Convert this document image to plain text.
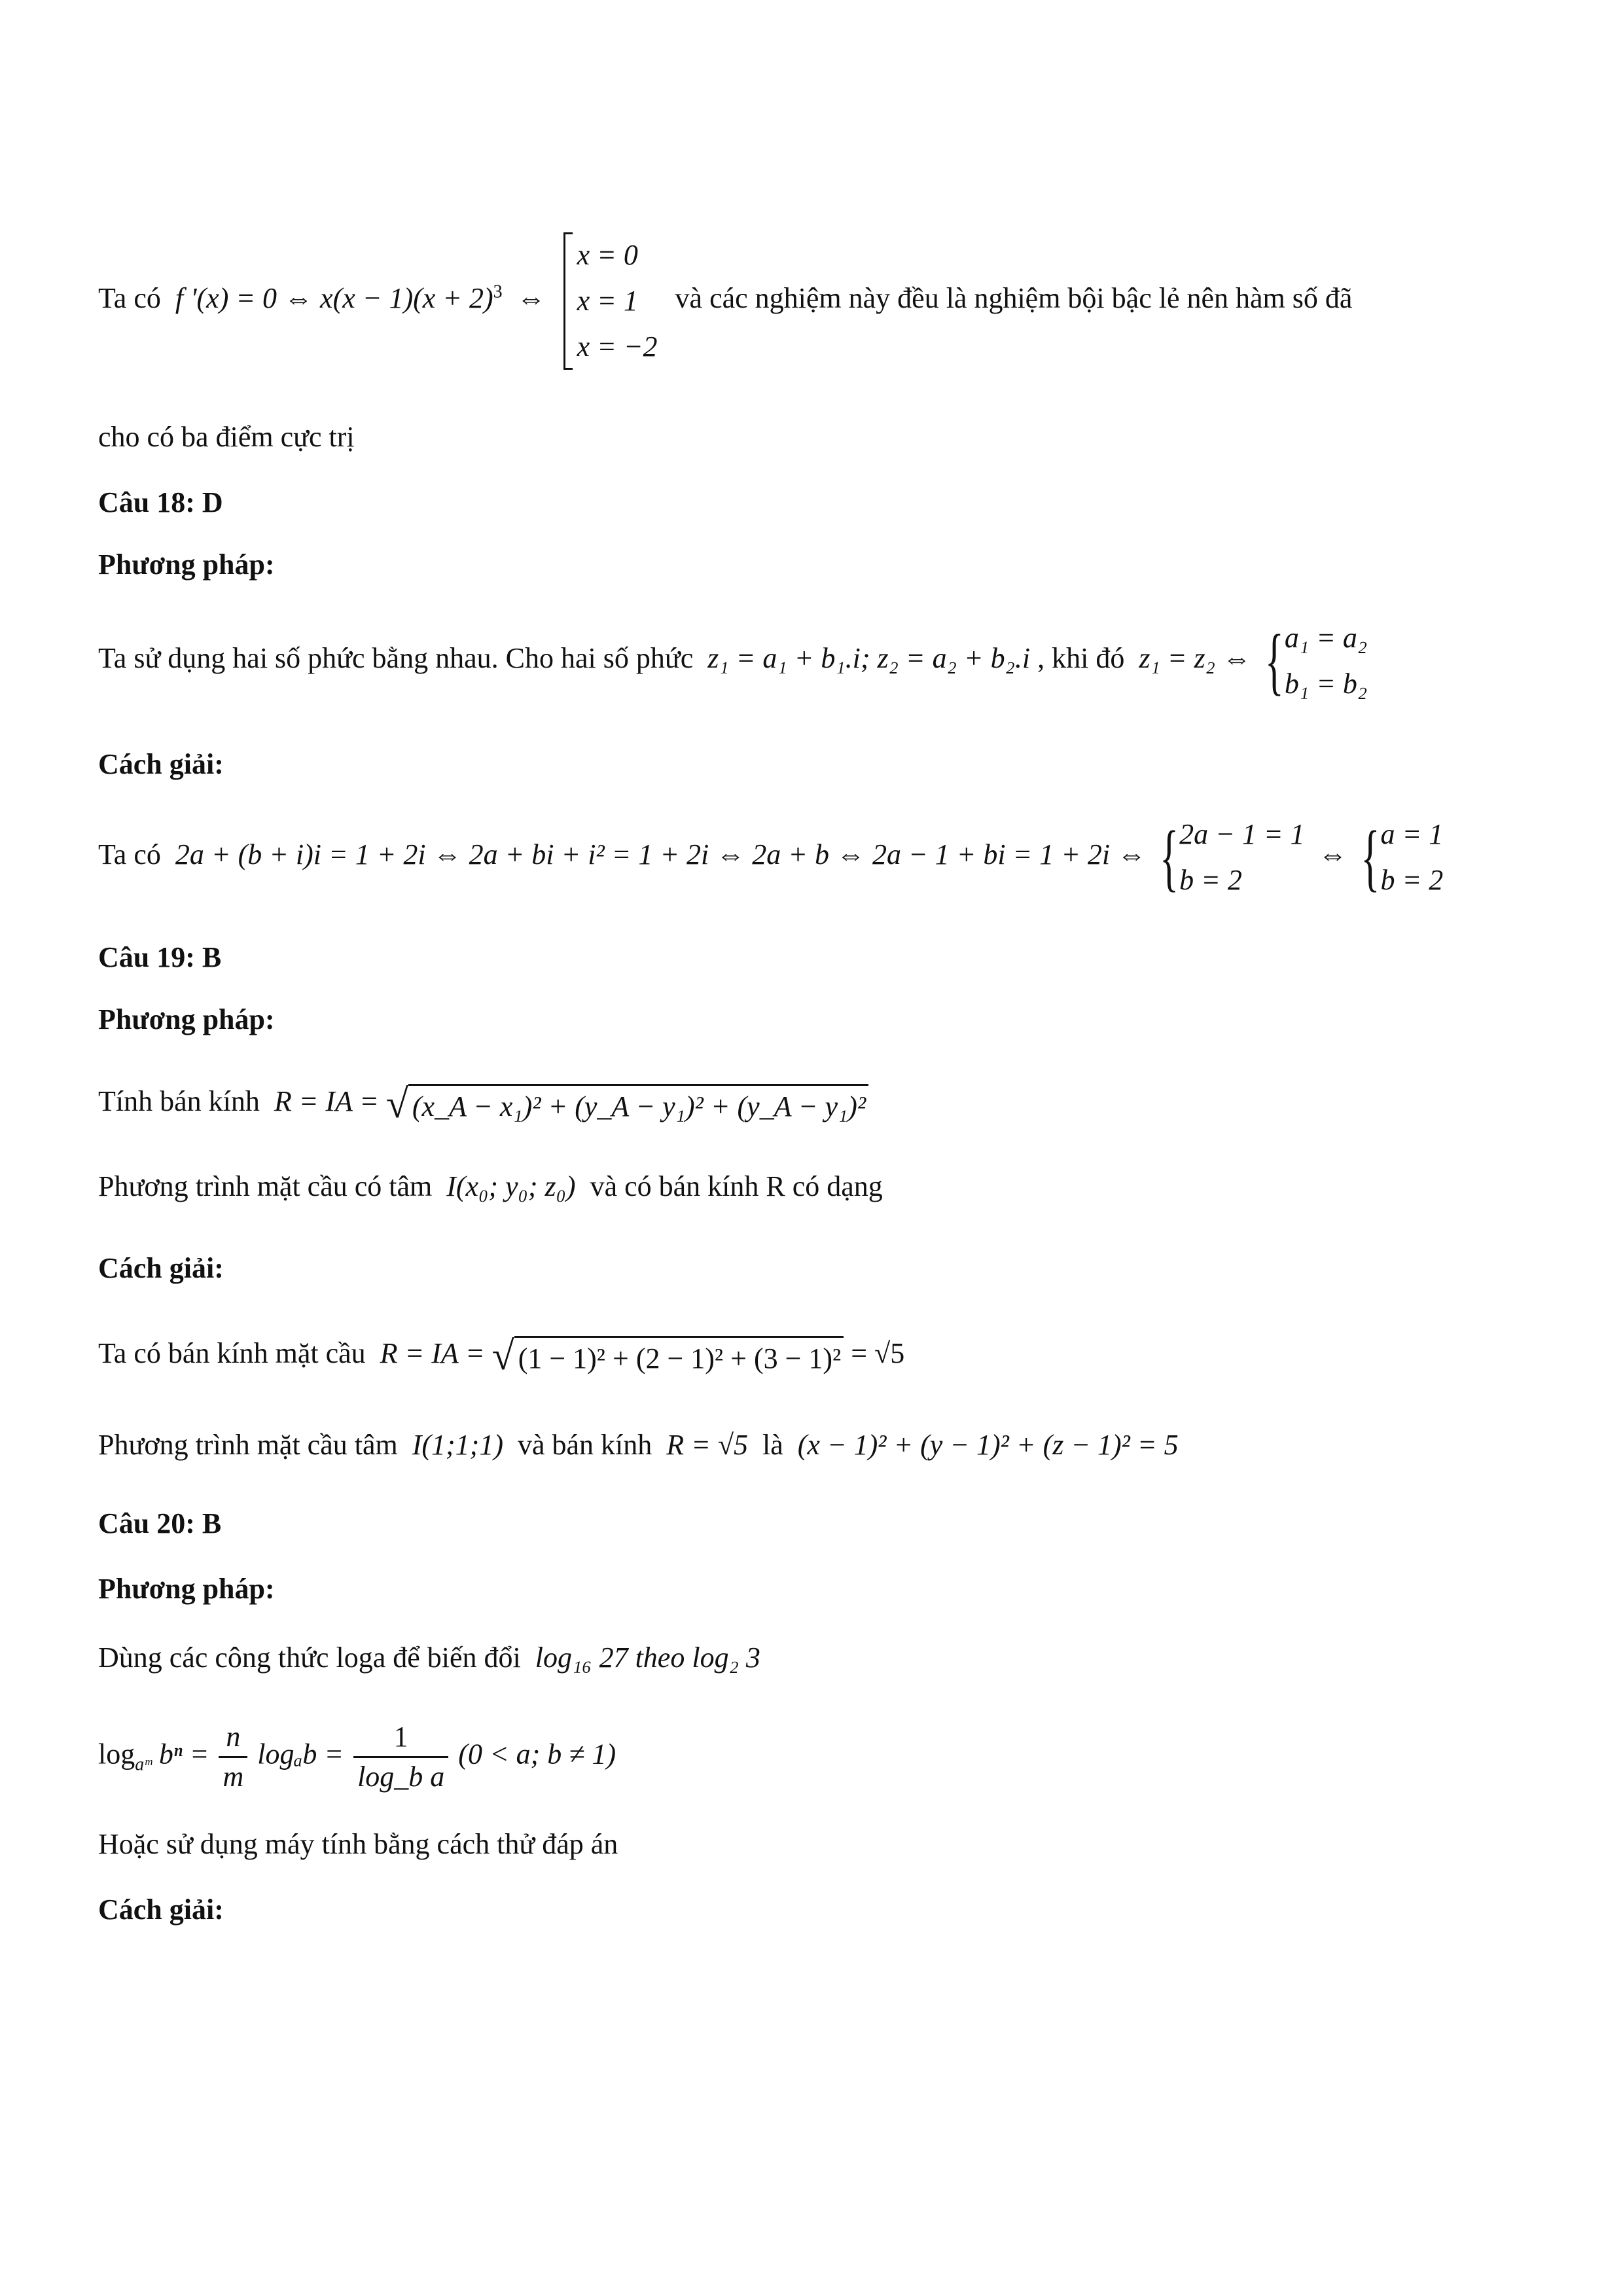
Ta có f '(x) = 0 ⇔ $x(x - 1)(x + 2)^3$ ⇔
x = 0
x = 1
x = −2
và các nghiệm này đều là nghiệm bội bậc lẻ nên hàm số đã
cho có ba điểm cực trị
Câu 18: D
Phương pháp:
Ta sử dụng hai số phức bằng nhau. Cho hai số phức z₁ = a₁ + b₁.i; z₂ = a₂ + b₂.i , khi đó z₁ = z₂ ⇔ { a₁ = a₂
b₁ = b₂
Cách giải:
Ta có 2a + (b + i)i = 1 + 2i ⇔ 2a + bi + i² = 1 + 2i ⇔ 2a + b ⇔ 2a − 1 + bi = 1 + 2i ⇔ { 2a − 1 = 1
b = 2
⇔ { a = 1
b = 2
Câu 19: B
Phương pháp:
Tính bán kính R = IA = √ (x_A − x₁)² + (y_A − y₁)² + (y_A − y₁)²
Phương trình mặt cầu có tâm I(x₀; y₀; z₀) và có bán kính R có dạng
Cách giải:
Ta có bán kính mặt cầu R = IA = √ (1 − 1)² + (2 − 1)² + (3 − 1)² = √5
Phương trình mặt cầu tâm I(1;1;1) và bán kính R = √5 là (x − 1)² + (y − 1)² + (z − 1)² = 5
Câu 20: B
Phương pháp:
Dùng các công thức loga để biến đổi log₁₆ 27 theo log₂ 3
$\log_{aᵐ} b^n = \frac{n}{m}$ $\log_ab = \frac{1}{\text{log\_b a}} (0 < a$; b ≠ 1)
Hoặc sử dụng máy tính bằng cách thử đáp án
Cách giải:
